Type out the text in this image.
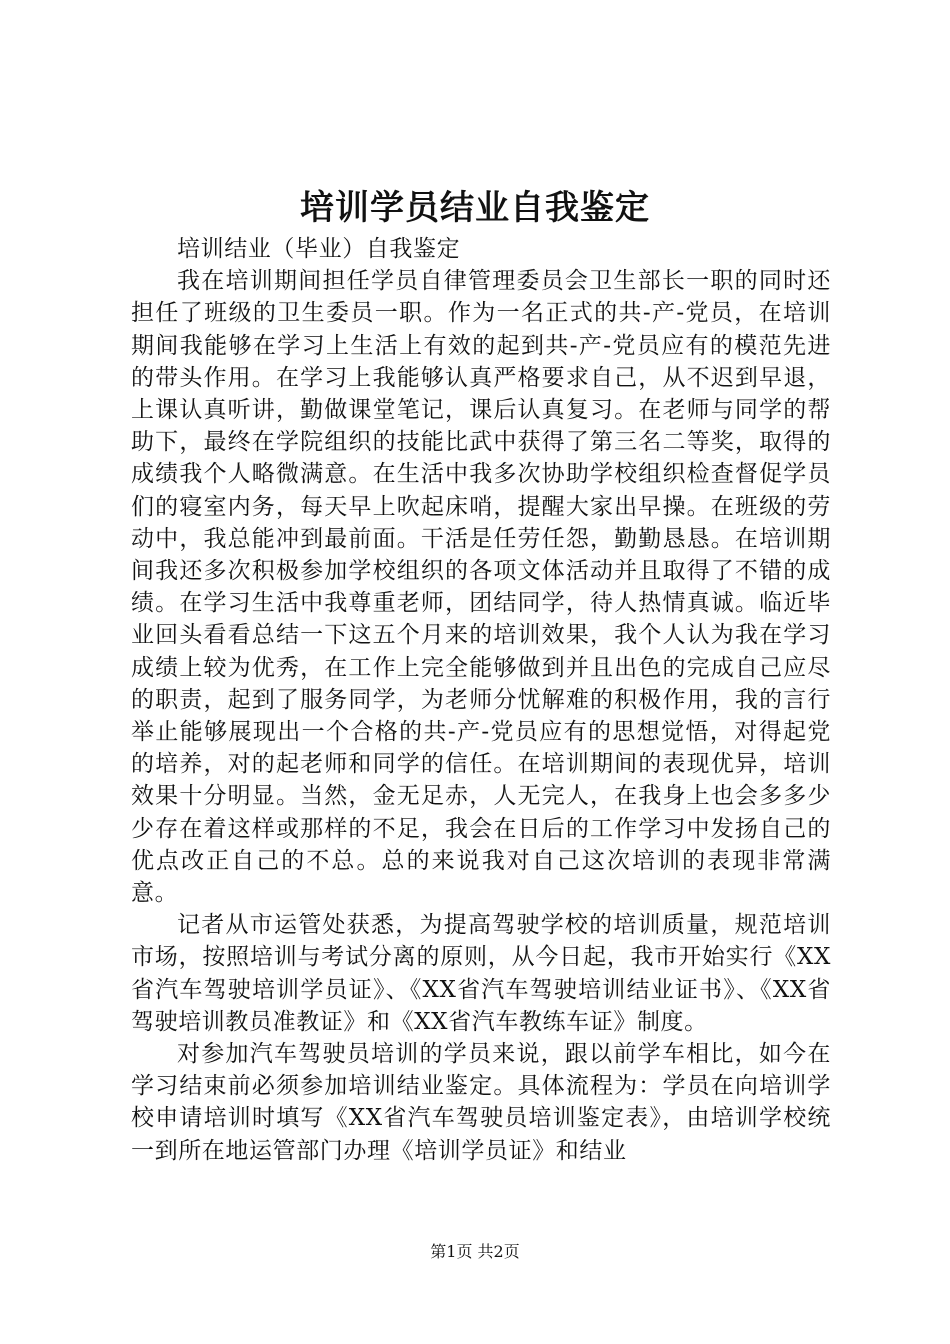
培训学员结业自我鉴定

培训结业（毕业）自我鉴定

我在培训期间担任学员自律管理委员会卫生部长一职的同时还担任了班级的卫生委员一职。作为一名正式的共-产-党员，在培训期间我能够在学习上生活上有效的起到共-产-党员应有的模范先进的带头作用。在学习上我能够认真严格要求自己，从不迟到早退，上课认真听讲，勤做课堂笔记，课后认真复习。在老师与同学的帮助下，最终在学院组织的技能比武中获得了第三名二等奖，取得的成绩我个人略微满意。在生活中我多次协助学校组织检查督促学员们的寝室内务，每天早上吹起床哨，提醒大家出早操。在班级的劳动中，我总能冲到最前面。干活是任劳任怨，勤勤恳恳。在培训期间我还多次积极参加学校组织的各项文体活动并且取得了不错的成绩。在学习生活中我尊重老师，团结同学，待人热情真诚。临近毕业回头看看总结一下这五个月来的培训效果，我个人认为我在学习成绩上较为优秀，在工作上完全能够做到并且出色的完成自己应尽的职责，起到了服务同学，为老师分忧解难的积极作用，我的言行举止能够展现出一个合格的共-产-党员应有的思想觉悟，对得起党的培养，对的起老师和同学的信任。在培训期间的表现优异，培训效果十分明显。当然，金无足赤，人无完人，在我身上也会多多少少存在着这样或那样的不足，我会在日后的工作学习中发扬自己的优点改正自己的不总。总的来说我对自己这次培训的表现非常满意。

记者从市运管处获悉，为提高驾驶学校的培训质量，规范培训市场，按照培训与考试分离的原则，从今日起，我市开始实行《XX省汽车驾驶培训学员证》、《XX省汽车驾驶培训结业证书》、《XX省驾驶培训教员准教证》和《XX省汽车教练车证》制度。

对参加汽车驾驶员培训的学员来说，跟以前学车相比，如今在学习结束前必须参加培训结业鉴定。具体流程为：学员在向培训学校申请培训时填写《XX省汽车驾驶员培训鉴定表》，由培训学校统一到所在地运管部门办理《培训学员证》和结业

第1页 共2页
